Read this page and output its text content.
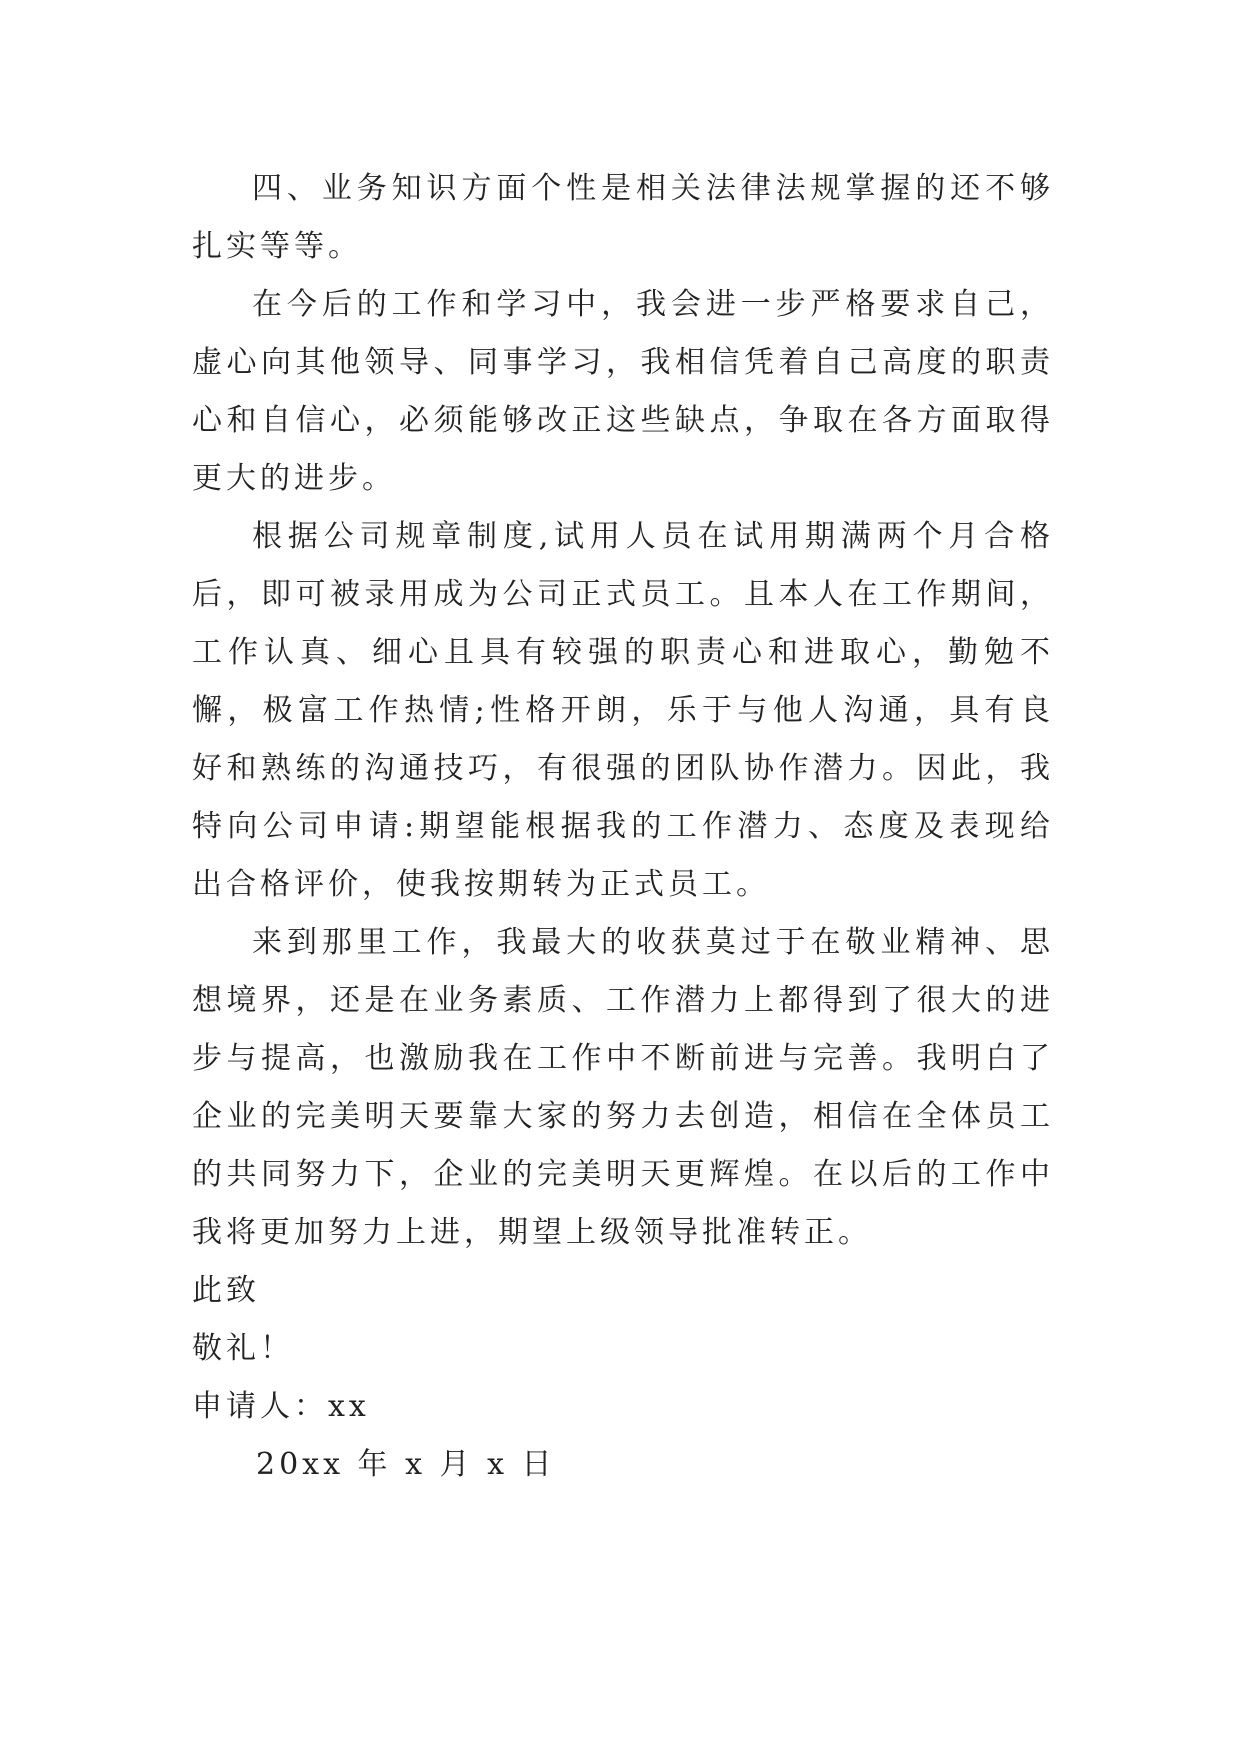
四、业务知识方面个性是相关法律法规掌握的还不够扎实等等。

在今后的工作和学习中，我会进一步严格要求自己，虚心向其他领导、同事学习，我相信凭着自己高度的职责心和自信心，必须能够改正这些缺点，争取在各方面取得更大的进步。

根据公司规章制度,试用人员在试用期满两个月合格后，即可被录用成为公司正式员工。且本人在工作期间，工作认真、细心且具有较强的职责心和进取心，勤勉不懈，极富工作热情;性格开朗，乐于与他人沟通，具有良好和熟练的沟通技巧，有很强的团队协作潜力。因此，我特向公司申请:期望能根据我的工作潜力、态度及表现给出合格评价，使我按期转为正式员工。

来到那里工作，我最大的收获莫过于在敬业精神、思想境界，还是在业务素质、工作潜力上都得到了很大的进步与提高，也激励我在工作中不断前进与完善。我明白了企业的完美明天要靠大家的努力去创造，相信在全体员工的共同努力下，企业的完美明天更辉煌。在以后的工作中我将更加努力上进，期望上级领导批准转正。

此致

敬礼！

申请人：xx

20xx 年 x 月 x 日
